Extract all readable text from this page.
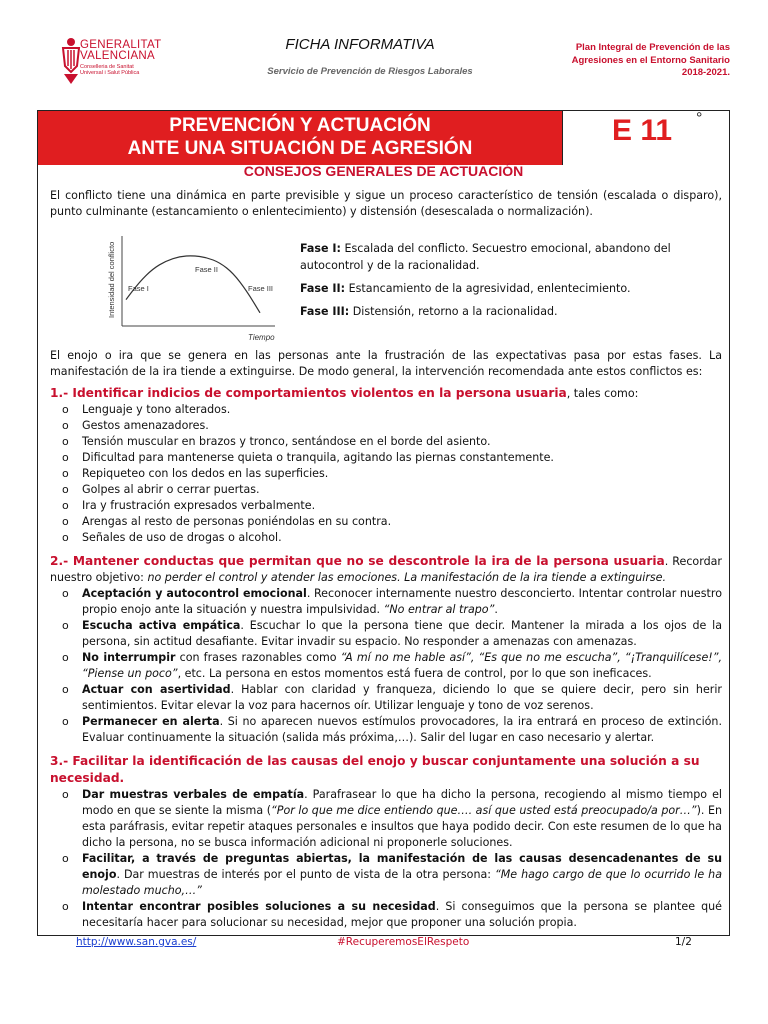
GENERALITAT
VALENCIANA
Conselleria de Sanitat
Universal i Salut Pública
FICHA INFORMATIVA
Servicio de Prevención de Riesgos Laborales
Plan Integral de Prevención de las
Agresiones en el Entorno Sanitario
2018-2021.
PREVENCIÓN Y ACTUACIÓN
ANTE UNA SITUACIÓN DE AGRESIÓN
E 11 °
CONSEJOS GENERALES DE ACTUACIÓN

El conflicto tiene una dinámica en parte previsible y sigue un proceso característico de tensión (escalada o disparo), punto culminante (estancamiento o enlentecimiento) y distensión (desescalada o normalización).

Intensidad del conflicto
Tiempo
Fase I
Fase II
Fase III

Fase I: Escalada del conflicto. Secuestro emocional, abandono del autocontrol y de la racionalidad.

Fase II: Estancamiento de la agresividad, enlentecimiento.

Fase III: Distensión, retorno a la racionalidad.

El enojo o ira que se genera en las personas ante la frustración de las expectativas pasa por estas fases. La manifestación de la ira tiende a extinguirse. De modo general, la intervención recomendada ante estos conflictos es:

1.- Identificar indicios de comportamientos violentos en la persona usuaria, tales como:

o Lenguaje y tono alterados.
o Gestos amenazadores.
o Tensión muscular en brazos y tronco, sentándose en el borde del asiento.
o Dificultad para mantenerse quieta o tranquila, agitando las piernas constantemente.
o Repiqueteo con los dedos en las superficies.
o Golpes al abrir o cerrar puertas.
o Ira y frustración expresados verbalmente.
o Arengas al resto de personas poniéndolas en su contra.
o Señales de uso de drogas o alcohol.

2.- Mantener conductas que permitan que no se descontrole la ira de la persona usuaria. Recordar nuestro objetivo: no perder el control y atender las emociones. La manifestación de la ira tiende a extinguirse.

o Aceptación y autocontrol emocional. Reconocer internamente nuestro desconcierto. Intentar controlar nuestro propio enojo ante la situación y nuestra impulsividad. “No entrar al trapo”.
o Escucha activa empática. Escuchar lo que la persona tiene que decir. Mantener la mirada a los ojos de la persona, sin actitud desafiante. Evitar invadir su espacio. No responder a amenazas con amenazas.
o No interrumpir con frases razonables como “A mí no me hable así”, “Es que no me escucha”, “¡Tranquilícese!”, “Piense un poco”, etc. La persona en estos momentos está fuera de control, por lo que son ineficaces.
o Actuar con asertividad. Hablar con claridad y franqueza, diciendo lo que se quiere decir, pero sin herir sentimientos. Evitar elevar la voz para hacernos oír. Utilizar lenguaje y tono de voz serenos.
o Permanecer en alerta. Si no aparecen nuevos estímulos provocadores, la ira entrará en proceso de extinción. Evaluar continuamente la situación (salida más próxima,…). Salir del lugar en caso necesario y alertar.

3.- Facilitar la identificación de las causas del enojo y buscar conjuntamente una solución a su necesidad.

o Dar muestras verbales de empatía. Parafrasear lo que ha dicho la persona, recogiendo al mismo tiempo el modo en que se siente la misma (“Por lo que me dice entiendo que…. así que usted está preocupado/a por…”). En esta paráfrasis, evitar repetir ataques personales e insultos que haya podido decir. Con este resumen de lo que ha dicho la persona, no se busca información adicional ni proponerle soluciones.
o Facilitar, a través de preguntas abiertas, la manifestación de las causas desencadenantes de su enojo. Dar muestras de interés por el punto de vista de la otra persona: “Me hago cargo de que lo ocurrido le ha molestado mucho,…”
o Intentar encontrar posibles soluciones a su necesidad. Si conseguimos que la persona se plantee qué necesitaría hacer para solucionar su necesidad, mejor que proponer una solución propia.
http://www.san.gva.es/	#RecuperemosElRespeto	1/2
